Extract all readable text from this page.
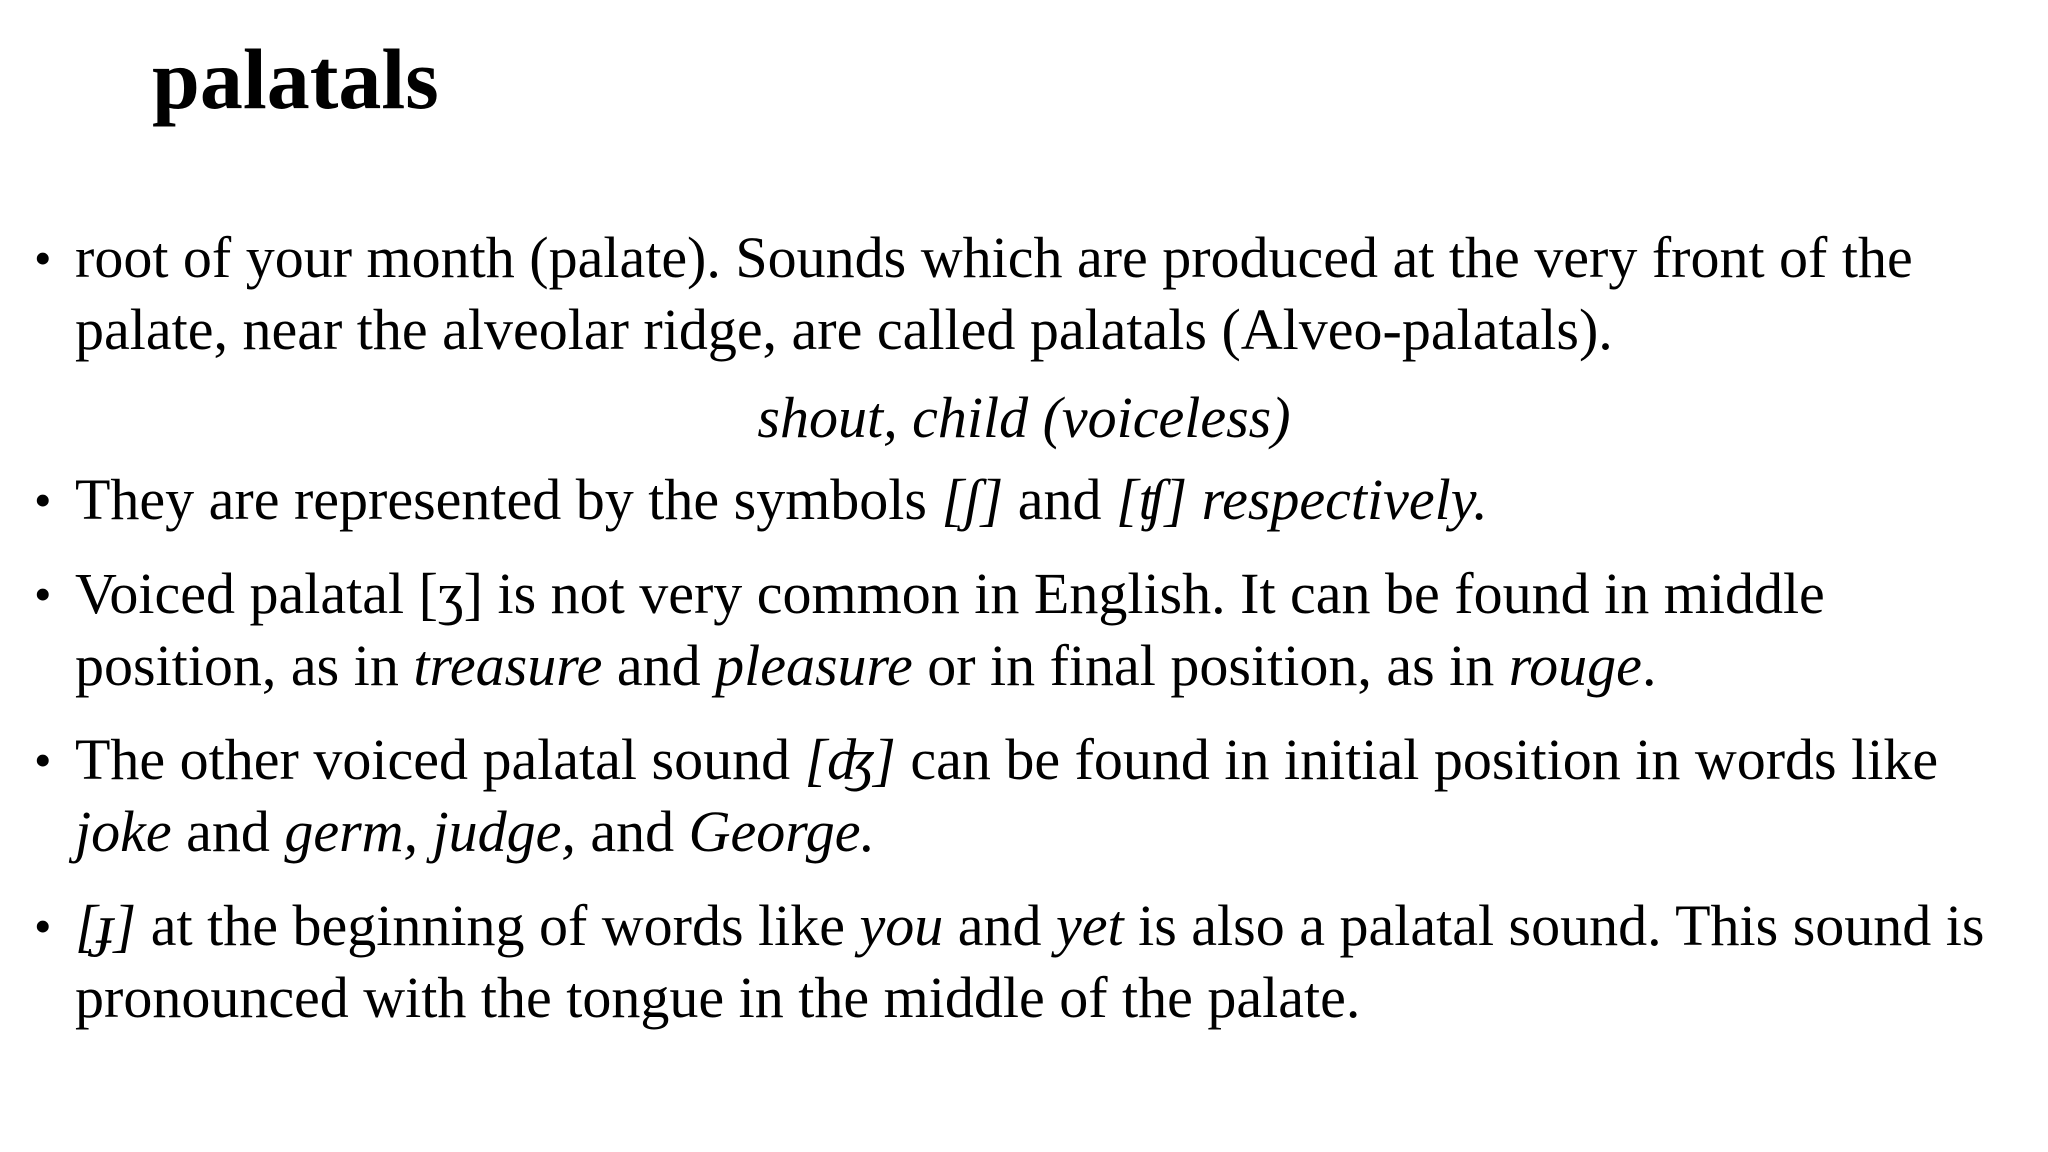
palatals
• root of your month (palate). Sounds which are produced at the very front of the palate, near the alveolar ridge, are called palatals (Alveo-palatals).
shout, child (voiceless)
• They are represented by the symbols [ʃ] and [ʧ] respectively.
• Voiced palatal [ʒ] is not very common in English. It can be found in middle position, as in treasure and pleasure or in final position, as in rouge.
• The other voiced palatal sound [ʤ] can be found in initial position in words like joke and germ, judge, and George.
• [ɟ] at the beginning of words like you and yet is also a palatal sound. This sound is pronounced with the tongue in the middle of the palate.
